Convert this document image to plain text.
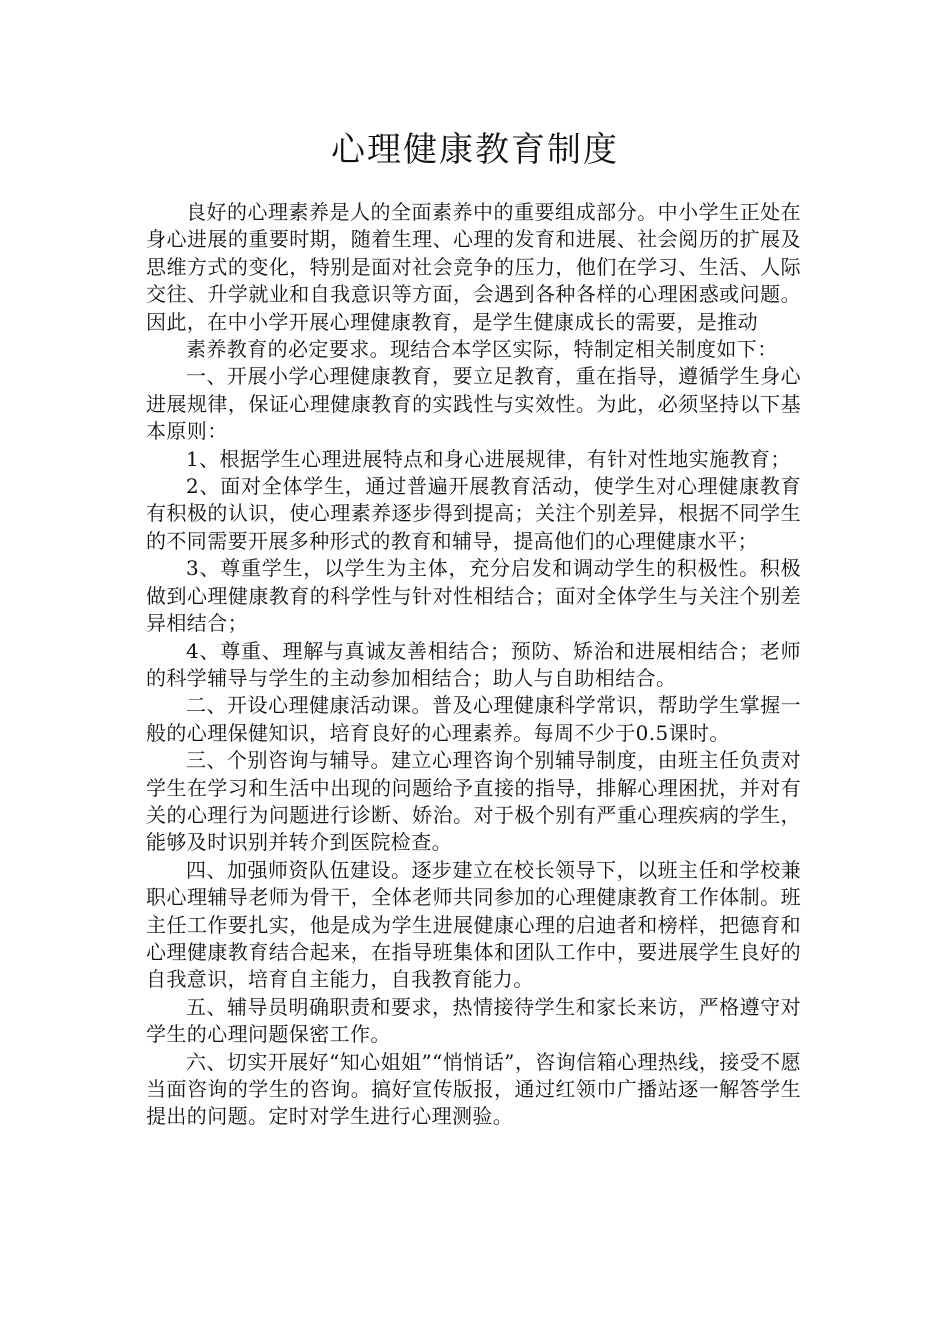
心理健康教育制度

良好的心理素养是人的全面素养中的重要组成部分。中小学生正处在身心进展的重要时期，随着生理、心理的发育和进展、社会阅历的扩展及思维方式的变化，特别是面对社会竞争的压力，他们在学习、生活、人际交往、升学就业和自我意识等方面，会遇到各种各样的心理困惑或问题。因此，在中小学开展心理健康教育，是学生健康成长的需要，是推动

素养教育的必定要求。现结合本学区实际，特制定相关制度如下：

一、开展小学心理健康教育，要立足教育，重在指导，遵循学生身心进展规律，保证心理健康教育的实践性与实效性。为此，必须坚持以下基本原则：

1、根据学生心理进展特点和身心进展规律，有针对性地实施教育；

2、面对全体学生，通过普遍开展教育活动，使学生对心理健康教育有积极的认识，使心理素养逐步得到提高；关注个别差异，根据不同学生的不同需要开展多种形式的教育和辅导，提高他们的心理健康水平；

3、尊重学生，以学生为主体，充分启发和调动学生的积极性。积极做到心理健康教育的科学性与针对性相结合；面对全体学生与关注个别差异相结合；

4、尊重、理解与真诚友善相结合；预防、矫治和进展相结合；老师的科学辅导与学生的主动参加相结合；助人与自助相结合。

二、开设心理健康活动课。普及心理健康科学常识，帮助学生掌握一般的心理保健知识，培育良好的心理素养。每周不少于0.5课时。

三、个别咨询与辅导。建立心理咨询个别辅导制度，由班主任负责对学生在学习和生活中出现的问题给予直接的指导，排解心理困扰，并对有关的心理行为问题进行诊断、娇治。对于极个别有严重心理疾病的学生，能够及时识别并转介到医院检查。

四、加强师资队伍建设。逐步建立在校长领导下，以班主任和学校兼职心理辅导老师为骨干，全体老师共同参加的心理健康教育工作体制。班主任工作要扎实，他是成为学生进展健康心理的启迪者和榜样，把德育和心理健康教育结合起来，在指导班集体和团队工作中，要进展学生良好的自我意识，培育自主能力，自我教育能力。

五、辅导员明确职责和要求，热情接待学生和家长来访，严格遵守对学生的心理问题保密工作。

六、切实开展好“知心姐姐”“悄悄话”，咨询信箱心理热线，接受不愿当面咨询的学生的咨询。搞好宣传版报，通过红领巾广播站逐一解答学生提出的问题。定时对学生进行心理测验。
